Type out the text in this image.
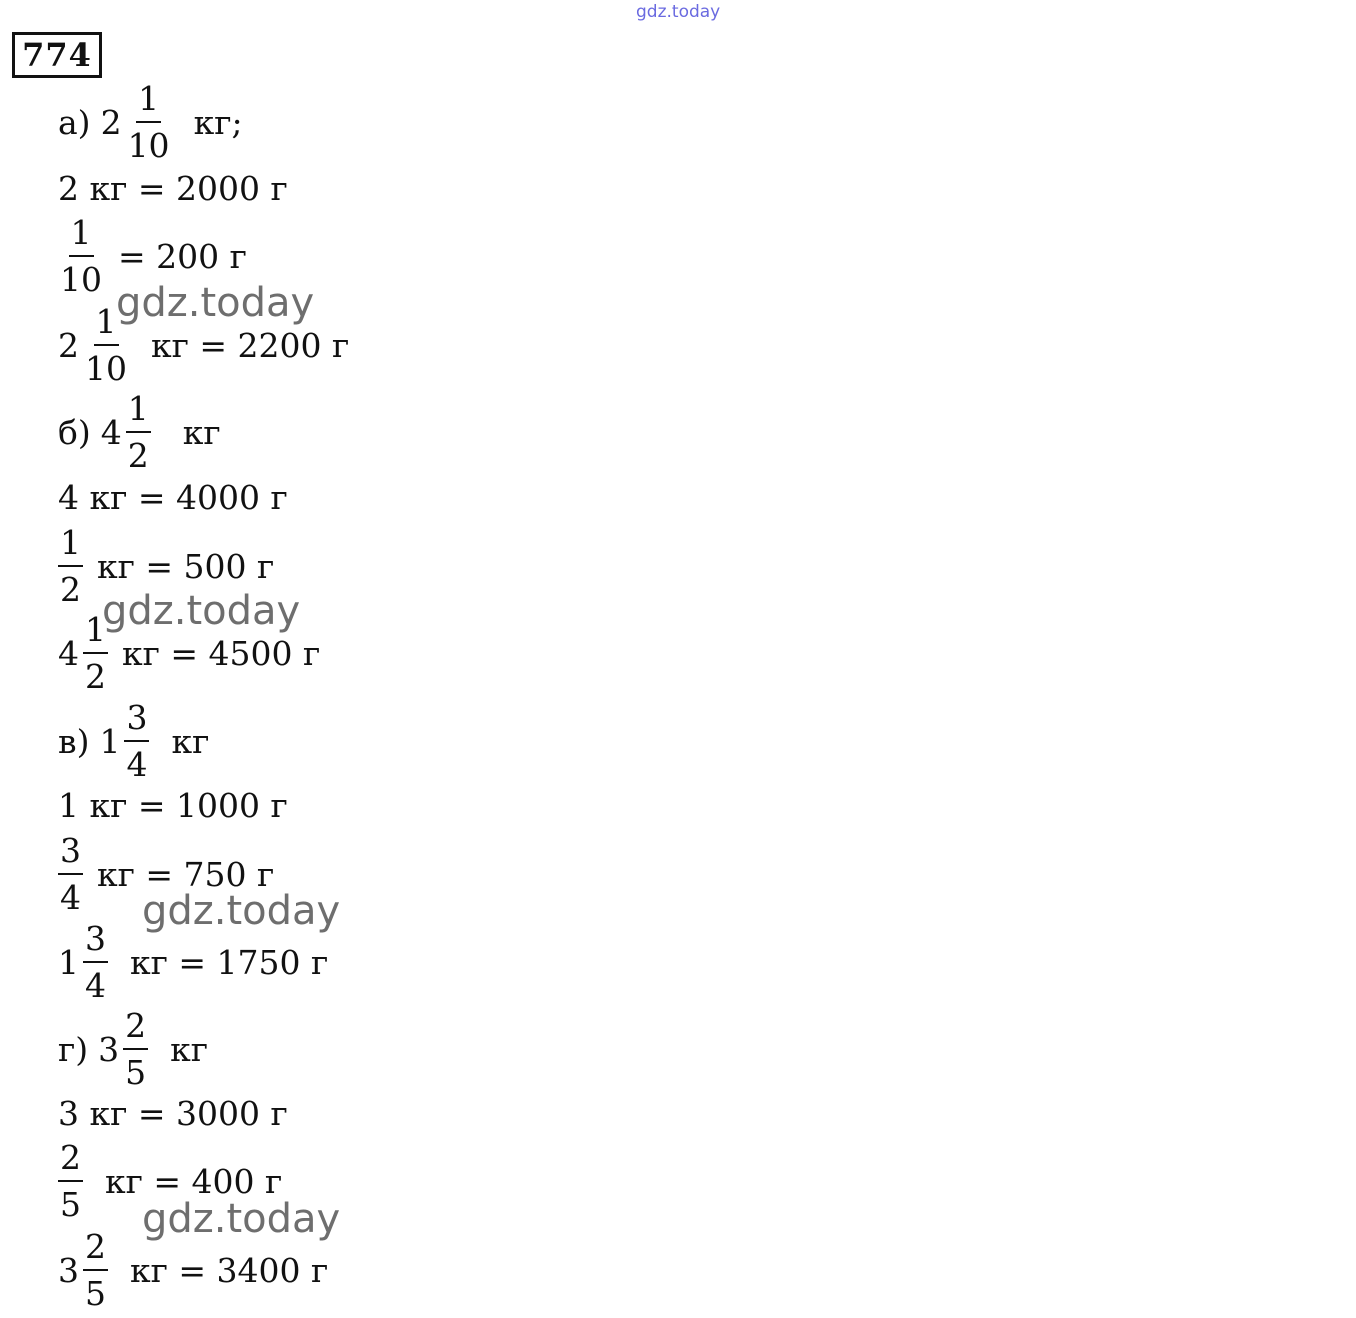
gdz.today
774
а) $2 \frac{1}{10}$ кг;
2 кг = 2000 г
$\frac{1}{10} = 200$ г
$2 \frac{1}{10}$ кг = 2200 г
б) $4 \frac{1}{2}$ кг
4 кг = 4000 г
$\frac{1}{2}$ кг = 500 г
$4 \frac{1}{2}$ кг = 4500 г
в) $1 \frac{3}{4}$ кг
1 кг = 1000 г
$\frac{3}{4}$ кг = 750 г
$1 \frac{3}{4}$ кг = 1750 г
г) $3 \frac{2}{5}$ кг
3 кг = 3000 г
$\frac{2}{5}$ кг = 400 г
$3 \frac{2}{5}$ кг = 3400 г
gdz.today
gdz.today
gdz.today
gdz.today
